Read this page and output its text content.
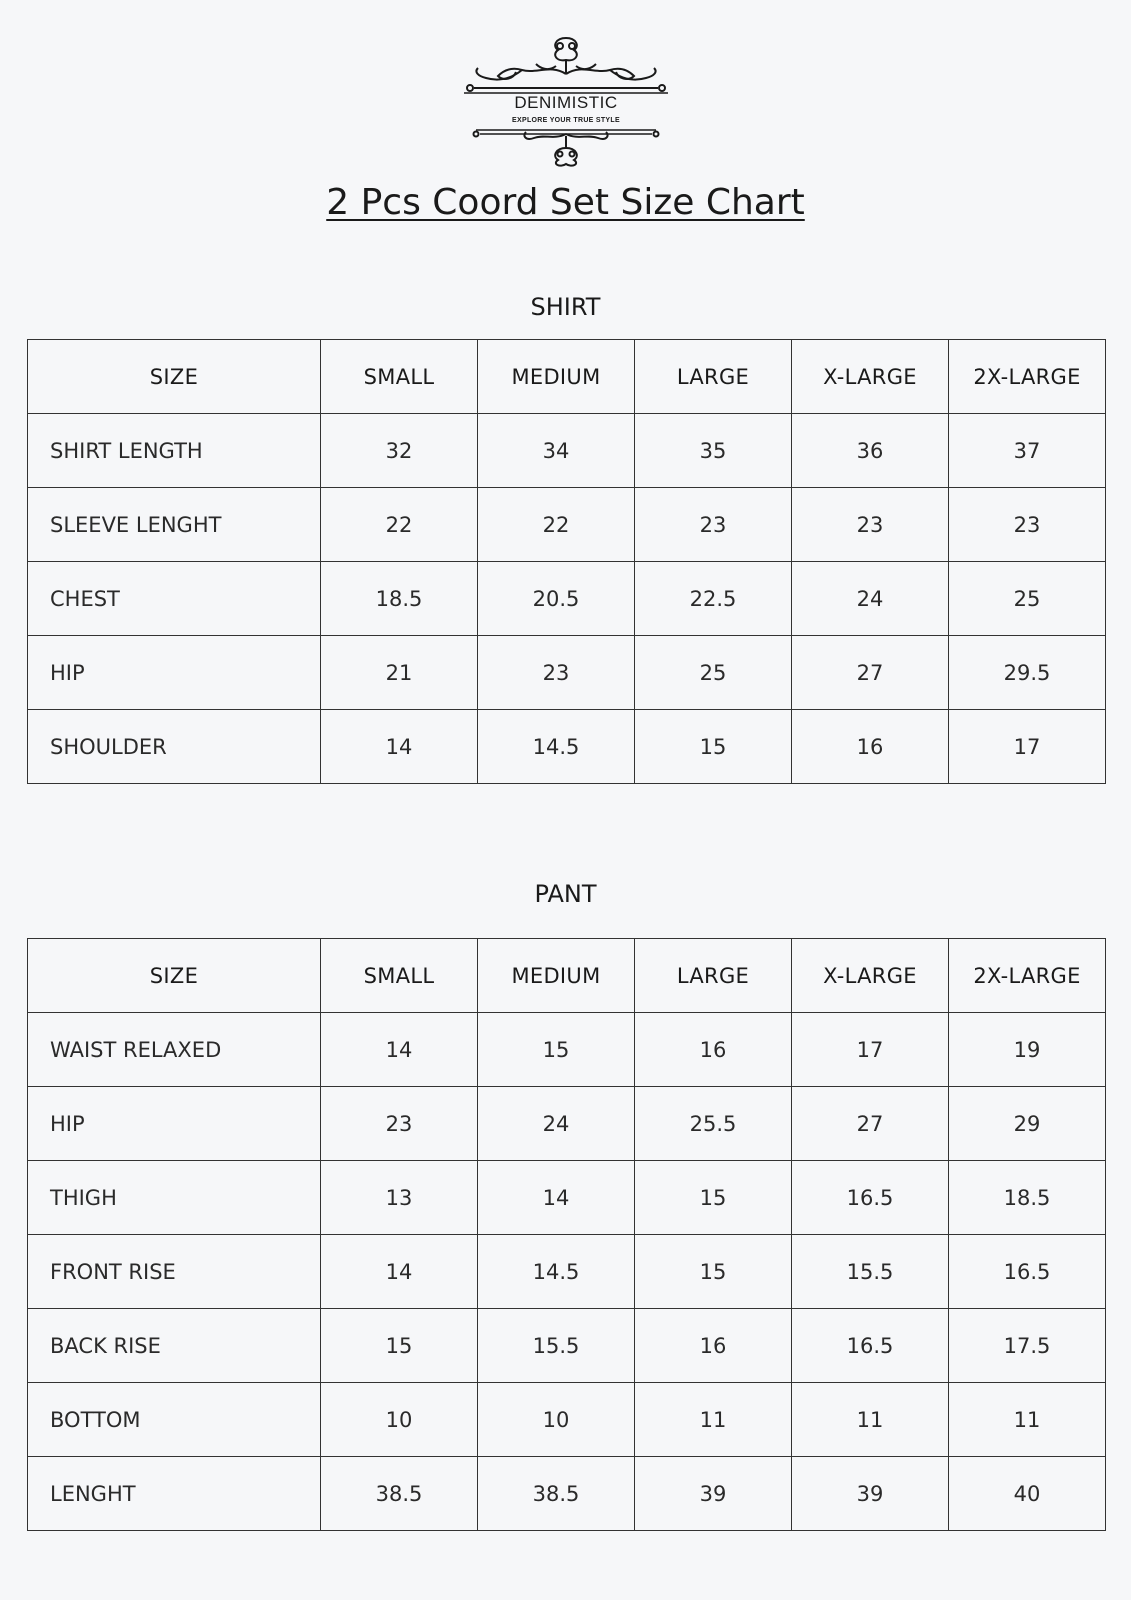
DENIMISTIC
EXPLORE YOUR TRUE STYLE
2 Pcs Coord Set Size Chart
SHIRT
SIZE	SMALL	MEDIUM	LARGE	X-LARGE	2X-LARGE
SHIRT LENGTH	32	34	35	36	37
SLEEVE LENGHT	22	22	23	23	23
CHEST	18.5	20.5	22.5	24	25
HIP	21	23	25	27	29.5
SHOULDER	14	14.5	15	16	17
PANT
SIZE	SMALL	MEDIUM	LARGE	X-LARGE	2X-LARGE
WAIST RELAXED	14	15	16	17	19
HIP	23	24	25.5	27	29
THIGH	13	14	15	16.5	18.5
FRONT RISE	14	14.5	15	15.5	16.5
BACK RISE	15	15.5	16	16.5	17.5
BOTTOM	10	10	11	11	11
LENGHT	38.5	38.5	39	39	40
